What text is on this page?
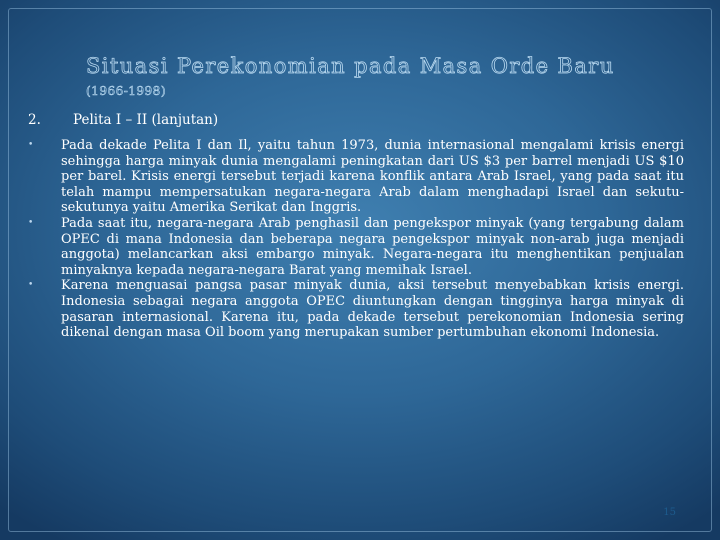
Situasi Perekonomian pada Masa Orde Baru
(1966-1998)
2. Pelita I – II (lanjutan)
• Pada dekade Pelita I dan Il, yaitu tahun 1973, dunia internasional mengalami krisis energi sehingga harga minyak dunia mengalami peningkatan dari US $3 per barrel menjadi US $10 per barel. Krisis energi tersebut terjadi karena konflik antara Arab Israel, yang pada saat itu telah mampu mempersatukan negara-negara Arab dalam menghadapi Israel dan sekutu-sekutunya yaitu Amerika Serikat dan Inggris.
• Pada saat itu, negara-negara Arab penghasil dan pengekspor minyak (yang tergabung dalam OPEC di mana Indonesia dan beberapa negara pengekspor minyak non-arab juga menjadi anggota) melancarkan aksi embargo minyak. Negara-negara itu menghentikan penjualan minyaknya kepada negara-negara Barat yang memihak Israel.
• Karena menguasai pangsa pasar minyak dunia, aksi tersebut menyebabkan krisis energi. Indonesia sebagai negara anggota OPEC diuntungkan dengan tingginya harga minyak di pasaran internasional. Karena itu, pada dekade tersebut perekonomian Indonesia sering dikenal dengan masa Oil boom yang merupakan sumber pertumbuhan ekonomi Indonesia.
15
